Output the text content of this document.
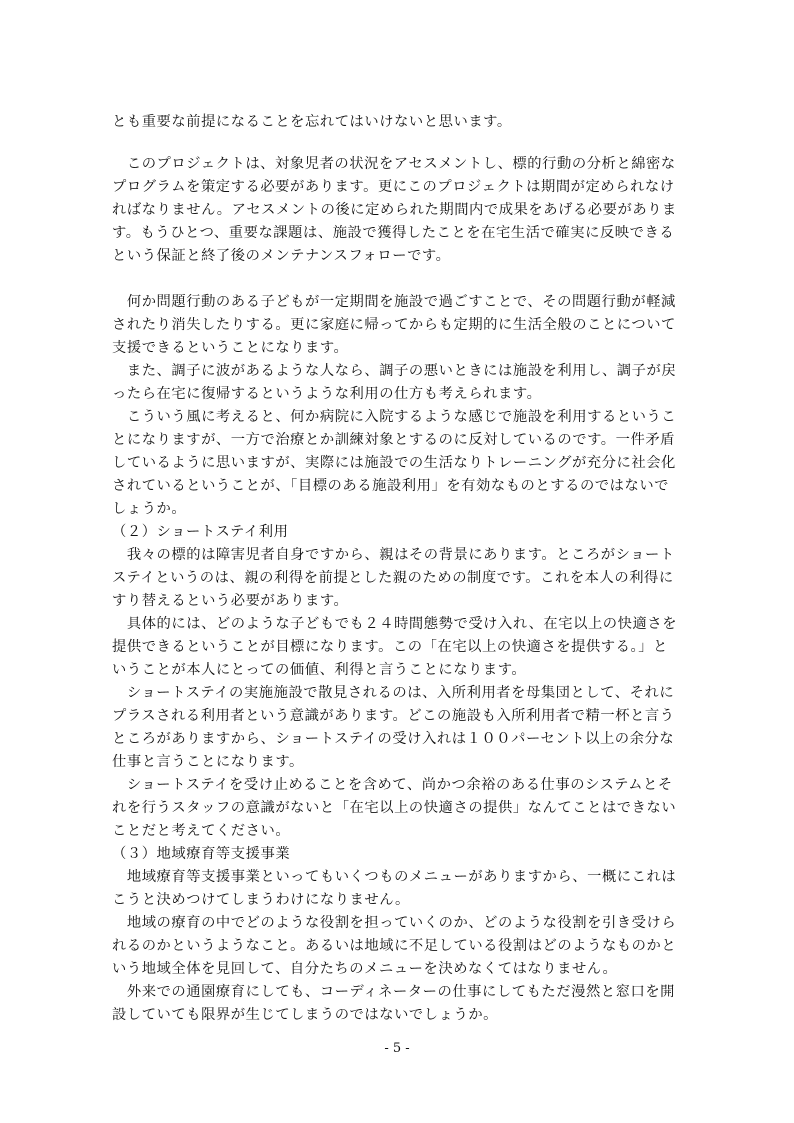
とも重要な前提になることを忘れてはいけないと思います。
　このプロジェクトは、対象児者の状況をアセスメントし、標的行動の分析と綿密な
プログラムを策定する必要があります。更にこのプロジェクトは期間が定められなけ
ればなりません。アセスメントの後に定められた期間内で成果をあげる必要がありま
す。もうひとつ、重要な課題は、施設で獲得したことを在宅生活で確実に反映できる
という保証と終了後のメンテナンスフォローです。
　何か問題行動のある子どもが一定期間を施設で過ごすことで、その問題行動が軽減
されたり消失したりする。更に家庭に帰ってからも定期的に生活全般のことについて
支援できるということになります。
　また、調子に波があるような人なら、調子の悪いときには施設を利用し、調子が戻
ったら在宅に復帰するというような利用の仕方も考えられます。
　こういう風に考えると、何か病院に入院するような感じで施設を利用するというこ
とになりますが、一方で治療とか訓練対象とするのに反対しているのです。一件矛盾
しているように思いますが、実際には施設での生活なりトレーニングが充分に社会化
されているということが、「目標のある施設利用」を有効なものとするのではないで
しょうか。
（２）ショートステイ利用
　我々の標的は障害児者自身ですから、親はその背景にあります。ところがショート
ステイというのは、親の利得を前提とした親のための制度です。これを本人の利得に
すり替えるという必要があります。
　具体的には、どのような子どもでも２４時間態勢で受け入れ、在宅以上の快適さを
提供できるということが目標になります。この「在宅以上の快適さを提供する。」と
いうことが本人にとっての価値、利得と言うことになります。
　ショートステイの実施施設で散見されるのは、入所利用者を母集団として、それに
プラスされる利用者という意識があります。どこの施設も入所利用者で精一杯と言う
ところがありますから、ショートステイの受け入れは１００パーセント以上の余分な
仕事と言うことになります。
　ショートステイを受け止めることを含めて、尚かつ余裕のある仕事のシステムとそ
れを行うスタッフの意識がないと「在宅以上の快適さの提供」なんてことはできない
ことだと考えてください。
（３）地域療育等支援事業
　地域療育等支援事業といってもいくつものメニューがありますから、一概にこれは
こうと決めつけてしまうわけになりません。
　地域の療育の中でどのような役割を担っていくのか、どのような役割を引き受けら
れるのかというようなこと。あるいは地域に不足している役割はどのようなものかと
いう地域全体を見回して、自分たちのメニューを決めなくてはなりません。
　外来での通園療育にしても、コーディネーターの仕事にしてもただ漫然と窓口を開
設していても限界が生じてしまうのではないでしょうか。
- 5 -
